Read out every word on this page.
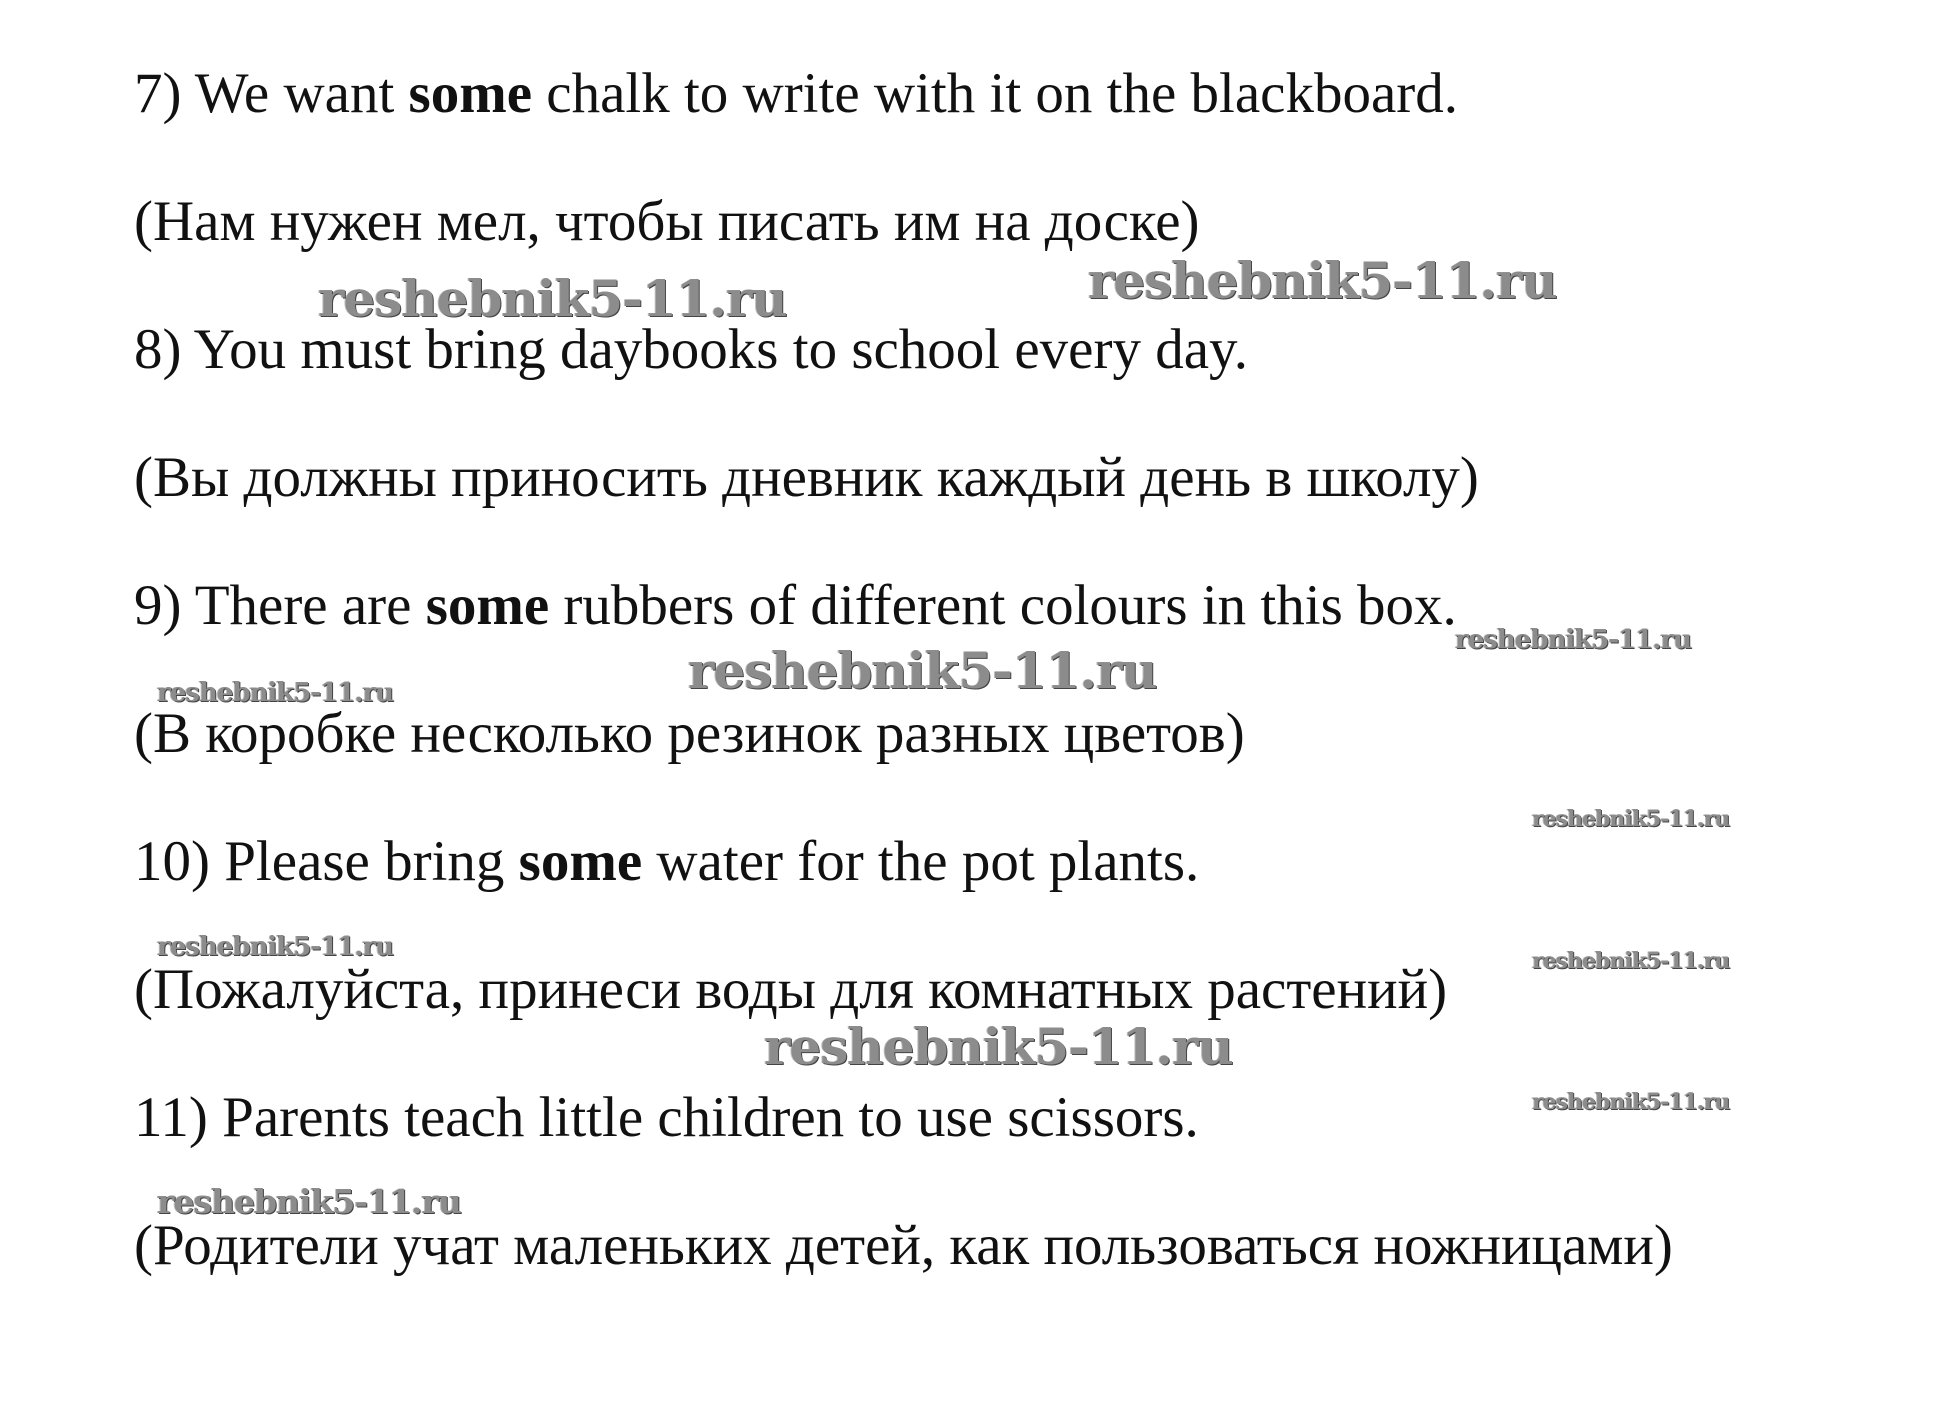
7) We want some chalk to write with it on the blackboard.

(Нам нужен мел, чтобы писать им на доске)

8) You must bring daybooks to school every day.

(Вы должны приносить дневник каждый день в школу)

9) There are some rubbers of different colours in this box.

(В коробке несколько резинок разных цветов)

10) Please bring some water for the pot plants.

(Пожалуйста, принеси воды для комнатных растений)

11) Parents teach little children to use scissors.

(Родители учат маленьких детей, как пользоваться ножницами)

reshebnik5-11.ru	reshebnik5-11.ru
reshebnik5-11.ru
reshebnik5-11.ru
reshebnik5-11.ru
reshebnik5-11.ru
reshebnik5-11.ru	reshebnik5-11.ru
reshebnik5-11.ru
reshebnik5-11.ru
reshebnik5-11.ru
